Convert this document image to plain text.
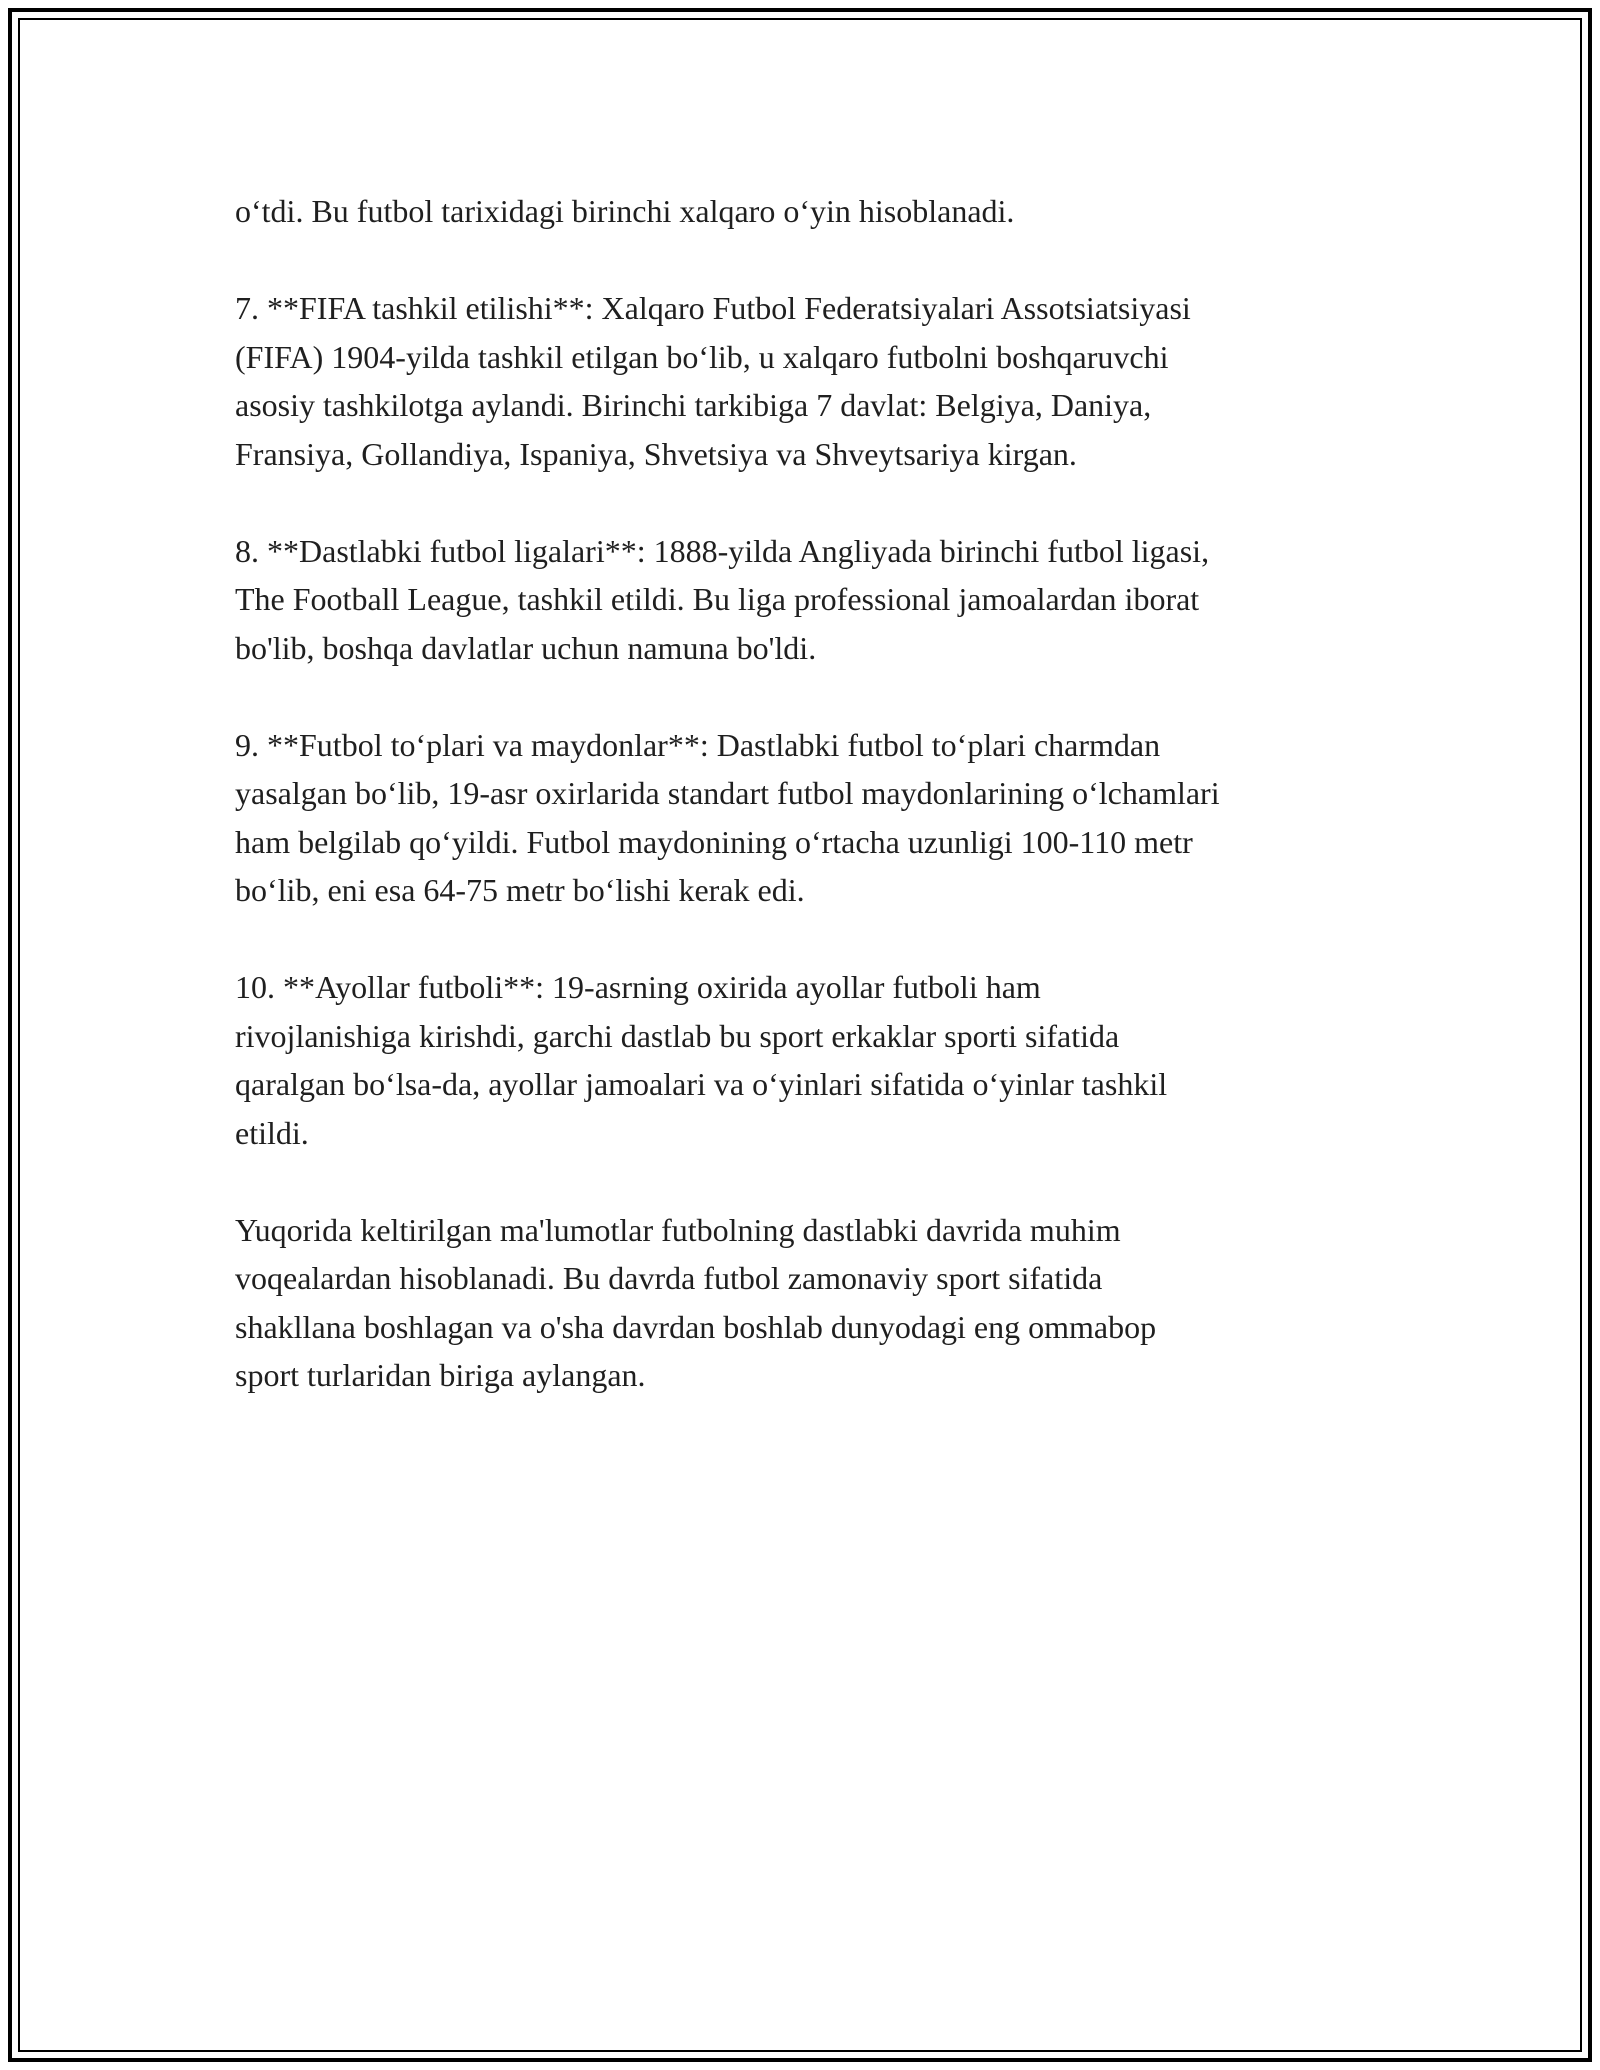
o‘tdi. Bu futbol tarixidagi birinchi xalqaro o‘yin hisoblanadi.

7. **FIFA tashkil etilishi**: Xalqaro Futbol Federatsiyalari Assotsiatsiyasi
(FIFA) 1904-yilda tashkil etilgan bo‘lib, u xalqaro futbolni boshqaruvchi
asosiy tashkilotga aylandi. Birinchi tarkibiga 7 davlat: Belgiya, Daniya,
Fransiya, Gollandiya, Ispaniya, Shvetsiya va Shveytsariya kirgan.

8. **Dastlabki futbol ligalari**: 1888-yilda Angliyada birinchi futbol ligasi,
The Football League, tashkil etildi. Bu liga professional jamoalardan iborat
bo'lib, boshqa davlatlar uchun namuna bo'ldi.

9. **Futbol to‘plari va maydonlar**: Dastlabki futbol to‘plari charmdan
yasalgan bo‘lib, 19-asr oxirlarida standart futbol maydonlarining o‘lchamlari
ham belgilab qo‘yildi. Futbol maydonining o‘rtacha uzunligi 100-110 metr
bo‘lib, eni esa 64-75 metr bo‘lishi kerak edi.

10. **Ayollar futboli**: 19-asrning oxirida ayollar futboli ham
rivojlanishiga kirishdi, garchi dastlab bu sport erkaklar sporti sifatida
qaralgan bo‘lsa-da, ayollar jamoalari va o‘yinlari sifatida o‘yinlar tashkil
etildi.

Yuqorida keltirilgan ma'lumotlar futbolning dastlabki davrida muhim
voqealardan hisoblanadi. Bu davrda futbol zamonaviy sport sifatida
shakllana boshlagan va o'sha davrdan boshlab dunyodagi eng ommabop
sport turlaridan biriga aylangan.
